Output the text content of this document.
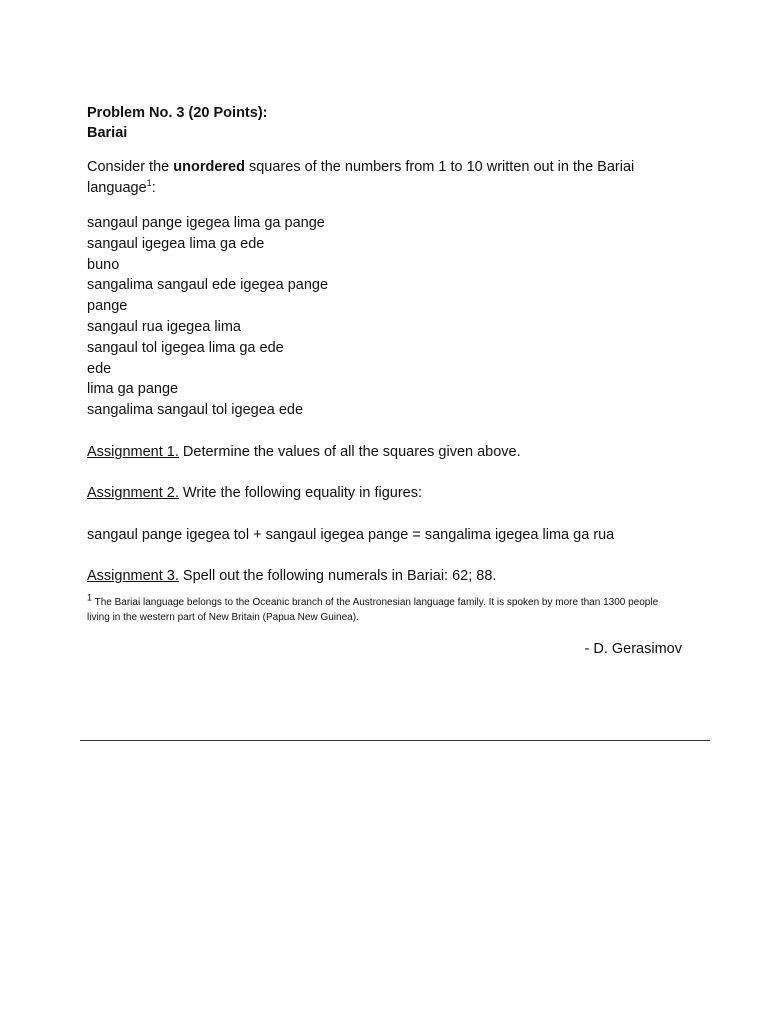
Problem No. 3 (20 Points):

Bariai

Consider the unordered squares of the numbers from 1 to 10 written out in the Bariai language$^1$:

sangaul pange igegea lima ga pange
sangaul igegea lima ga ede
buno
sangalima sangaul ede igegea pange
pange
sangaul rua igegea lima
sangaul tol igegea lima ga ede
ede
lima ga pange
sangalima sangaul tol igegea ede

Assignment 1. Determine the values of all the squares given above.

Assignment 2. Write the following equality in figures:

sangaul pange igegea tol + sangaul igegea pange = sangalima igegea lima ga rua

Assignment 3. Spell out the following numerals in Bariai: 62; 88.

$^1$ The Bariai language belongs to the Oceanic branch of the Austronesian language family. It is spoken by more than 1300 people living in the western part of New Britain (Papua New Guinea).

- D. Gerasimov
